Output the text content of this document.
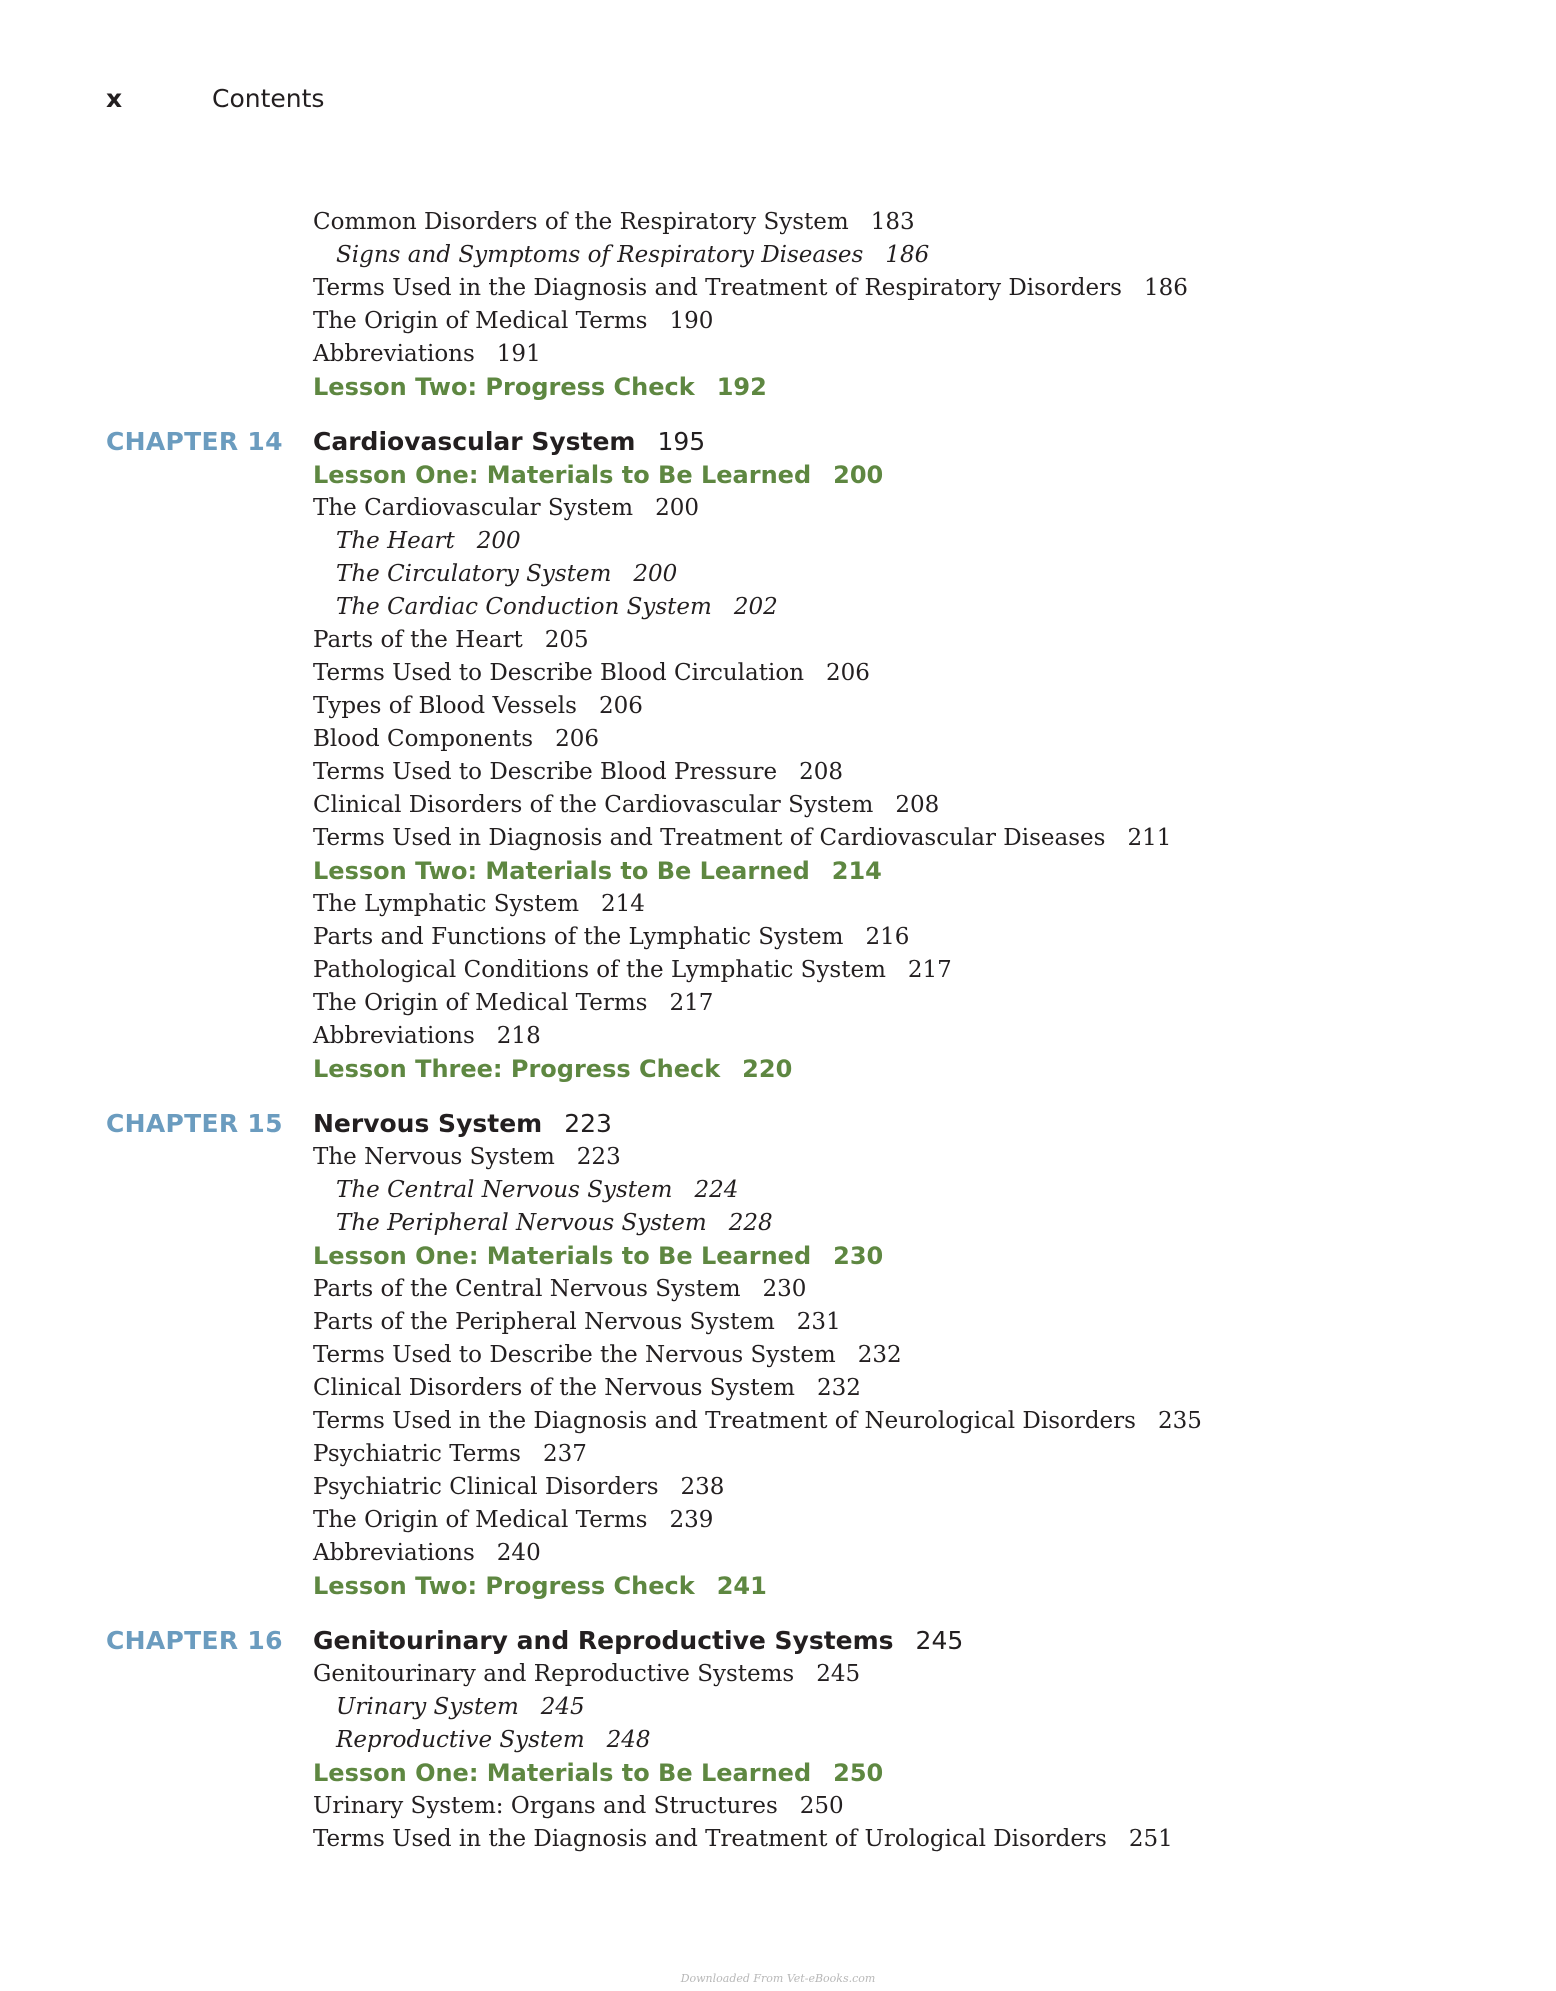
x	Contents
Common Disorders of the Respiratory System 183
Signs and Symptoms of Respiratory Diseases 186
Terms Used in the Diagnosis and Treatment of Respiratory Disorders 186
The Origin of Medical Terms 190
Abbreviations 191
Lesson Two: Progress Check 192
CHAPTER 14 Cardiovascular System 195
Lesson One: Materials to Be Learned 200
The Cardiovascular System 200
The Heart 200
The Circulatory System 200
The Cardiac Conduction System 202
Parts of the Heart 205
Terms Used to Describe Blood Circulation 206
Types of Blood Vessels 206
Blood Components 206
Terms Used to Describe Blood Pressure 208
Clinical Disorders of the Cardiovascular System 208
Terms Used in Diagnosis and Treatment of Cardiovascular Diseases 211
Lesson Two: Materials to Be Learned 214
The Lymphatic System 214
Parts and Functions of the Lymphatic System 216
Pathological Conditions of the Lymphatic System 217
The Origin of Medical Terms 217
Abbreviations 218
Lesson Three: Progress Check 220
CHAPTER 15 Nervous System 223
The Nervous System 223
The Central Nervous System 224
The Peripheral Nervous System 228
Lesson One: Materials to Be Learned 230
Parts of the Central Nervous System 230
Parts of the Peripheral Nervous System 231
Terms Used to Describe the Nervous System 232
Clinical Disorders of the Nervous System 232
Terms Used in the Diagnosis and Treatment of Neurological Disorders 235
Psychiatric Terms 237
Psychiatric Clinical Disorders 238
The Origin of Medical Terms 239
Abbreviations 240
Lesson Two: Progress Check 241
CHAPTER 16 Genitourinary and Reproductive Systems 245
Genitourinary and Reproductive Systems 245
Urinary System 245
Reproductive System 248
Lesson One: Materials to Be Learned 250
Urinary System: Organs and Structures 250
Terms Used in the Diagnosis and Treatment of Urological Disorders 251
Downloaded From Vet-eBooks.com
